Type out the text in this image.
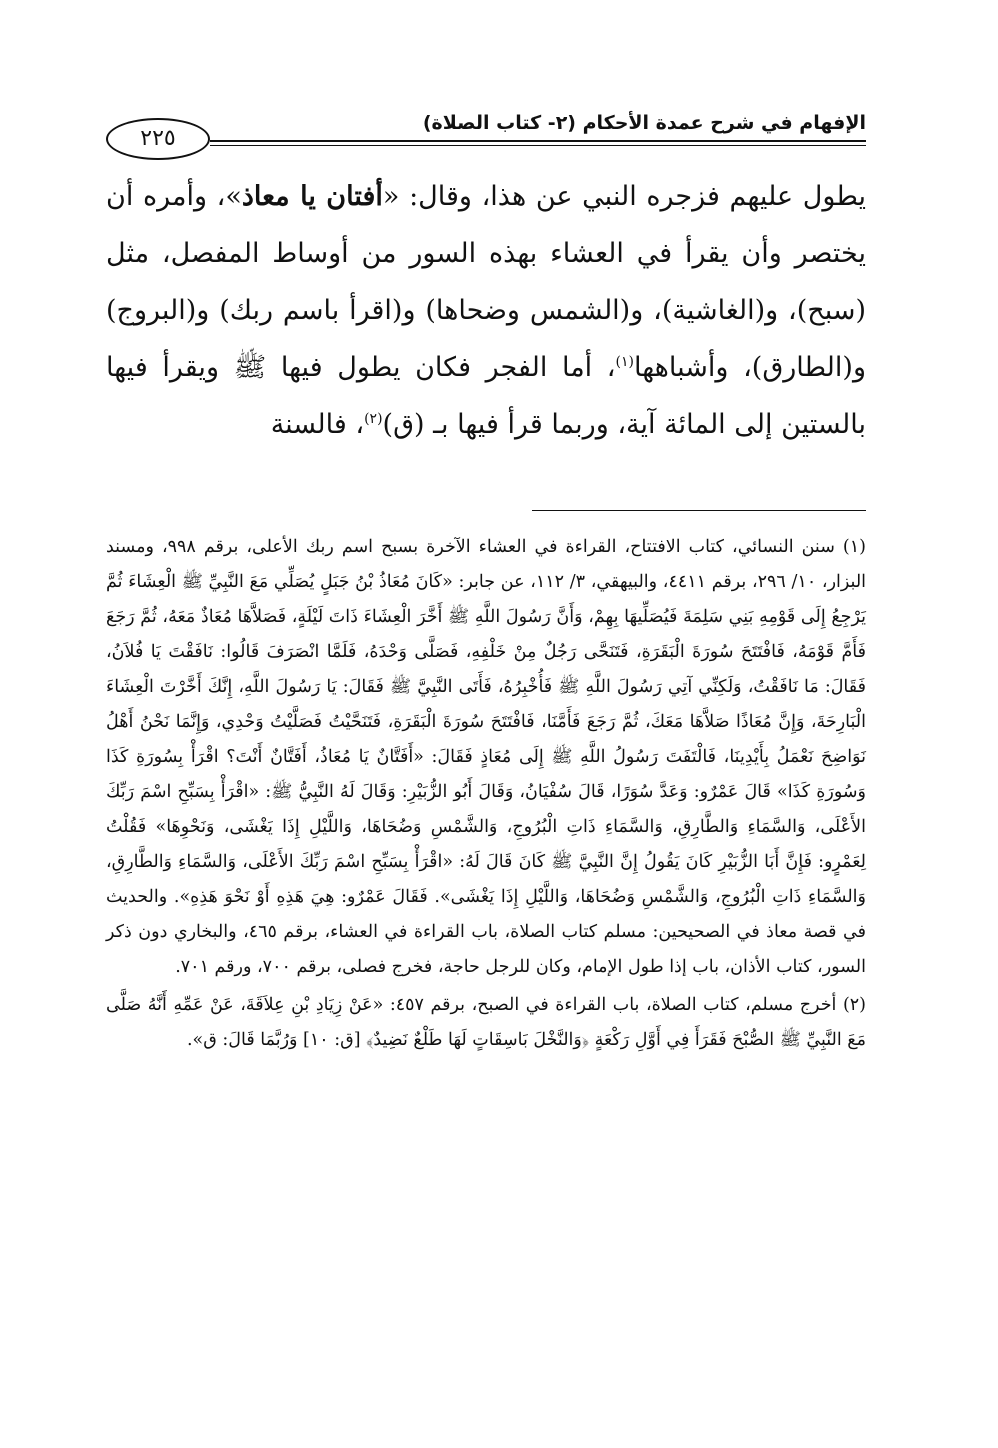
الإفهام في شرح عمدة الأحكام (٢- كتاب الصلاة)
٢٢٥

يطول عليهم فزجره النبي عن هذا، وقال: «أفتان يا معاذ»، وأمره أن يختصر وأن يقرأ في العشاء بهذه السور من أوساط المفصل، مثل (سبح)، و(الغاشية)، و(الشمس وضحاها) و(اقرأ باسم ربك) و(البروج) و(الطارق)، وأشباهها$^{(١)}$، أما الفجر فكان يطول فيها ﷺ ويقرأ فيها بالستين إلى المائة آية، وربما قرأ فيها بـ (ق)$^{(٢)}$، فالسنة

(١) سنن النسائي، كتاب الافتتاح، القراءة في العشاء الآخرة بسبح اسم ربك الأعلى، برقم ٩٩٨، ومسند البزار، ١٠/ ٢٩٦، برقم ٤٤١١، والبيهقي، ٣/ ١١٢، عن جابر: «كَانَ مُعَاذُ بْنُ جَبَلٍ يُصَلِّي مَعَ النَّبِيِّ ﷺ الْعِشَاءَ ثُمَّ يَرْجِعُ إِلَى قَوْمِهِ بَنِي سَلِمَةَ فَيُصَلِّيهَا بِهِمْ، وَأَنَّ رَسُولَ اللَّهِ ﷺ أَخَّرَ الْعِشَاءَ ذَاتَ لَيْلَةٍ، فَصَلاَّهَا مُعَاذٌ مَعَهُ، ثُمَّ رَجَعَ فَأَمَّ قَوْمَهُ، فَافْتَتَحَ سُورَةَ الْبَقَرَةِ، فَتَنَحَّى رَجُلٌ مِنْ خَلْفِهِ، فَصَلَّى وَحْدَهُ، فَلَمَّا انْصَرَفَ قَالُوا: نَافَقْتَ يَا فُلاَنُ، فَقَالَ: مَا نَافَقْتُ، وَلَكِنِّي آتِي رَسُولَ اللَّهِ ﷺ فَأُخْبِرُهُ، فَأَتَى النَّبِيَّ ﷺ فَقَالَ: يَا رَسُولَ اللَّهِ، إِنَّكَ أَخَّرْتَ الْعِشَاءَ الْبَارِحَةَ، وَإِنَّ مُعَاذًا صَلاَّهَا مَعَكَ، ثُمَّ رَجَعَ فَأَمَّنَا، فَافْتَتَحَ سُورَةَ الْبَقَرَةِ، فَتَنَحَّيْتُ فَصَلَّيْتُ وَحْدِي، وَإِنَّمَا نَحْنُ أَهْلُ نَوَاضِحَ نَعْمَلُ بِأَيْدِينَا، فَالْتَفَتَ رَسُولُ اللَّهِ ﷺ إِلَى مُعَاذٍ فَقَالَ: «أَفَتَّانٌ يَا مُعَاذُ، أَفَتَّانٌ أَنْتَ؟ اقْرَأْ بِسُورَةِ كَذَا وَسُورَةِ كَذَا» قَالَ عَمْرٌو: وَعَدَّ سُوَرًا، قَالَ سُفْيَانُ، وَقَالَ أَبُو الزُّبَيْرِ: وَقَالَ لَهُ النَّبِيُّ ﷺ: «اقْرَأْ بِسَبِّحِ اسْمَ رَبِّكَ الأَعْلَى، وَالسَّمَاءِ وَالطَّارِقِ، وَالسَّمَاءِ ذَاتِ الْبُرُوجِ، وَالشَّمْسِ وَضُحَاهَا، وَاللَّيْلِ إِذَا يَغْشَى، وَنَحْوِهَا» فَقُلْتُ لِعَمْرٍو: فَإِنَّ أَبَا الزُّبَيْرِ كَانَ يَقُولُ إِنَّ النَّبِيَّ ﷺ كَانَ قَالَ لَهُ: «اقْرَأْ بِسَبِّحِ اسْمَ رَبِّكَ الأَعْلَى، وَالسَّمَاءِ وَالطَّارِقِ، وَالسَّمَاءِ ذَاتِ الْبُرُوجِ، وَالشَّمْسِ وَضُحَاهَا، وَاللَّيْلِ إِذَا يَغْشَى». فَقَالَ عَمْرٌو: هِيَ هَذِهِ أَوْ نَحْوَ هَذِهِ». والحديث في قصة معاذ في الصحيحين: مسلم كتاب الصلاة، باب القراءة في العشاء، برقم ٤٦٥، والبخاري دون ذكر السور، كتاب الأذان، باب إذا طول الإمام، وكان للرجل حاجة، فخرج فصلى، برقم ٧٠٠، ورقم ٧٠١.

(٢) أخرج مسلم، كتاب الصلاة، باب القراءة في الصبح، برقم ٤٥٧: «عَنْ زِيَادِ بْنِ عِلاَقَةَ، عَنْ عَمِّهِ أَنَّهُ صَلَّى مَعَ النَّبِيِّ ﷺ الصُّبْحَ فَقَرَأَ فِي أَوَّلِ رَكْعَةٍ ﴿وَالنَّخْلَ بَاسِقَاتٍ لَهَا طَلْعٌ نَضِيدٌ﴾ [ق: ١٠] وَرُبَّمَا قَالَ: ق».
